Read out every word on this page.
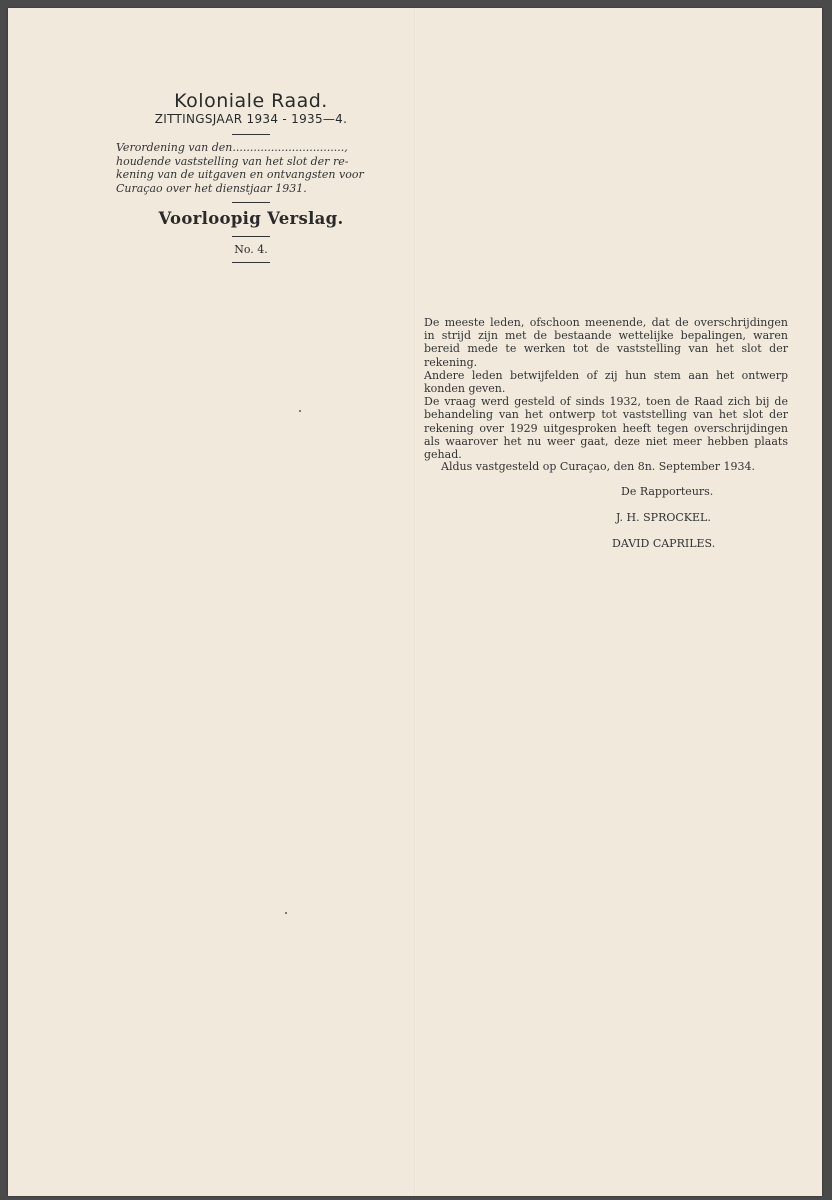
Koloniale Raad.
ZITTINGSJAAR 1934 - 1935—4.
Verordening van den................................,
houdende vaststelling van het slot der re-
kening van de uitgaven en ontvangsten voor
Curaçao over het dienstjaar 1931.
Voorloopig Verslag.
No. 4.

De meeste leden, ofschoon meenende, dat de overschrijdingen in strijd zijn met de bestaande wettelijke bepalingen, waren bereid mede te werken tot de vaststelling van het slot der rekening.

Andere leden betwijfelden of zij hun stem aan het ontwerp konden geven.

De vraag werd gesteld of sinds 1932, toen de Raad zich bij de behandeling van het ontwerp tot vaststelling van het slot der rekening over 1929 uitgesproken heeft tegen overschrijdingen als waarover het nu weer gaat, deze niet meer hebben plaats gehad.

Aldus vastgesteld op Curaçao, den 8n. September 1934.
De Rapporteurs.
J. H. SPROCKEL.
DAVID CAPRILES.
